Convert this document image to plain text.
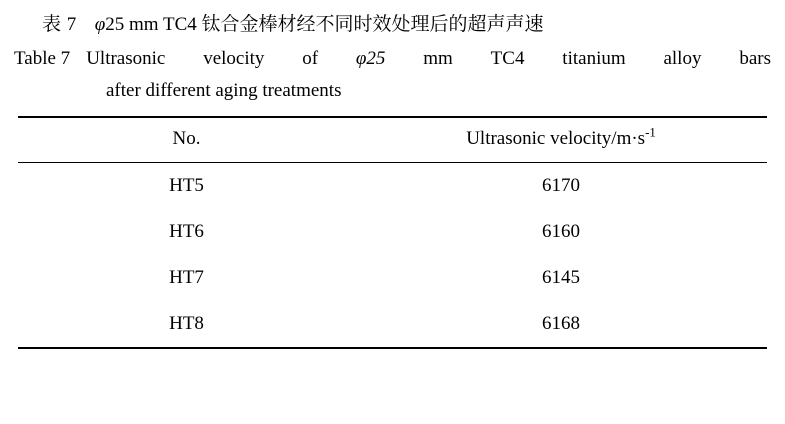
表 7 φ25 mm TC4 钛合金棒材经不同时效处理后的超声声速
Table 7 Ultrasonic velocity of φ25 mm TC4 titanium alloy bars
after different aging treatments
No.	Ultrasonic velocity/$m\cdot s^{-1}$
HT5	6170
HT6	6160
HT7	6145
HT8	6168
